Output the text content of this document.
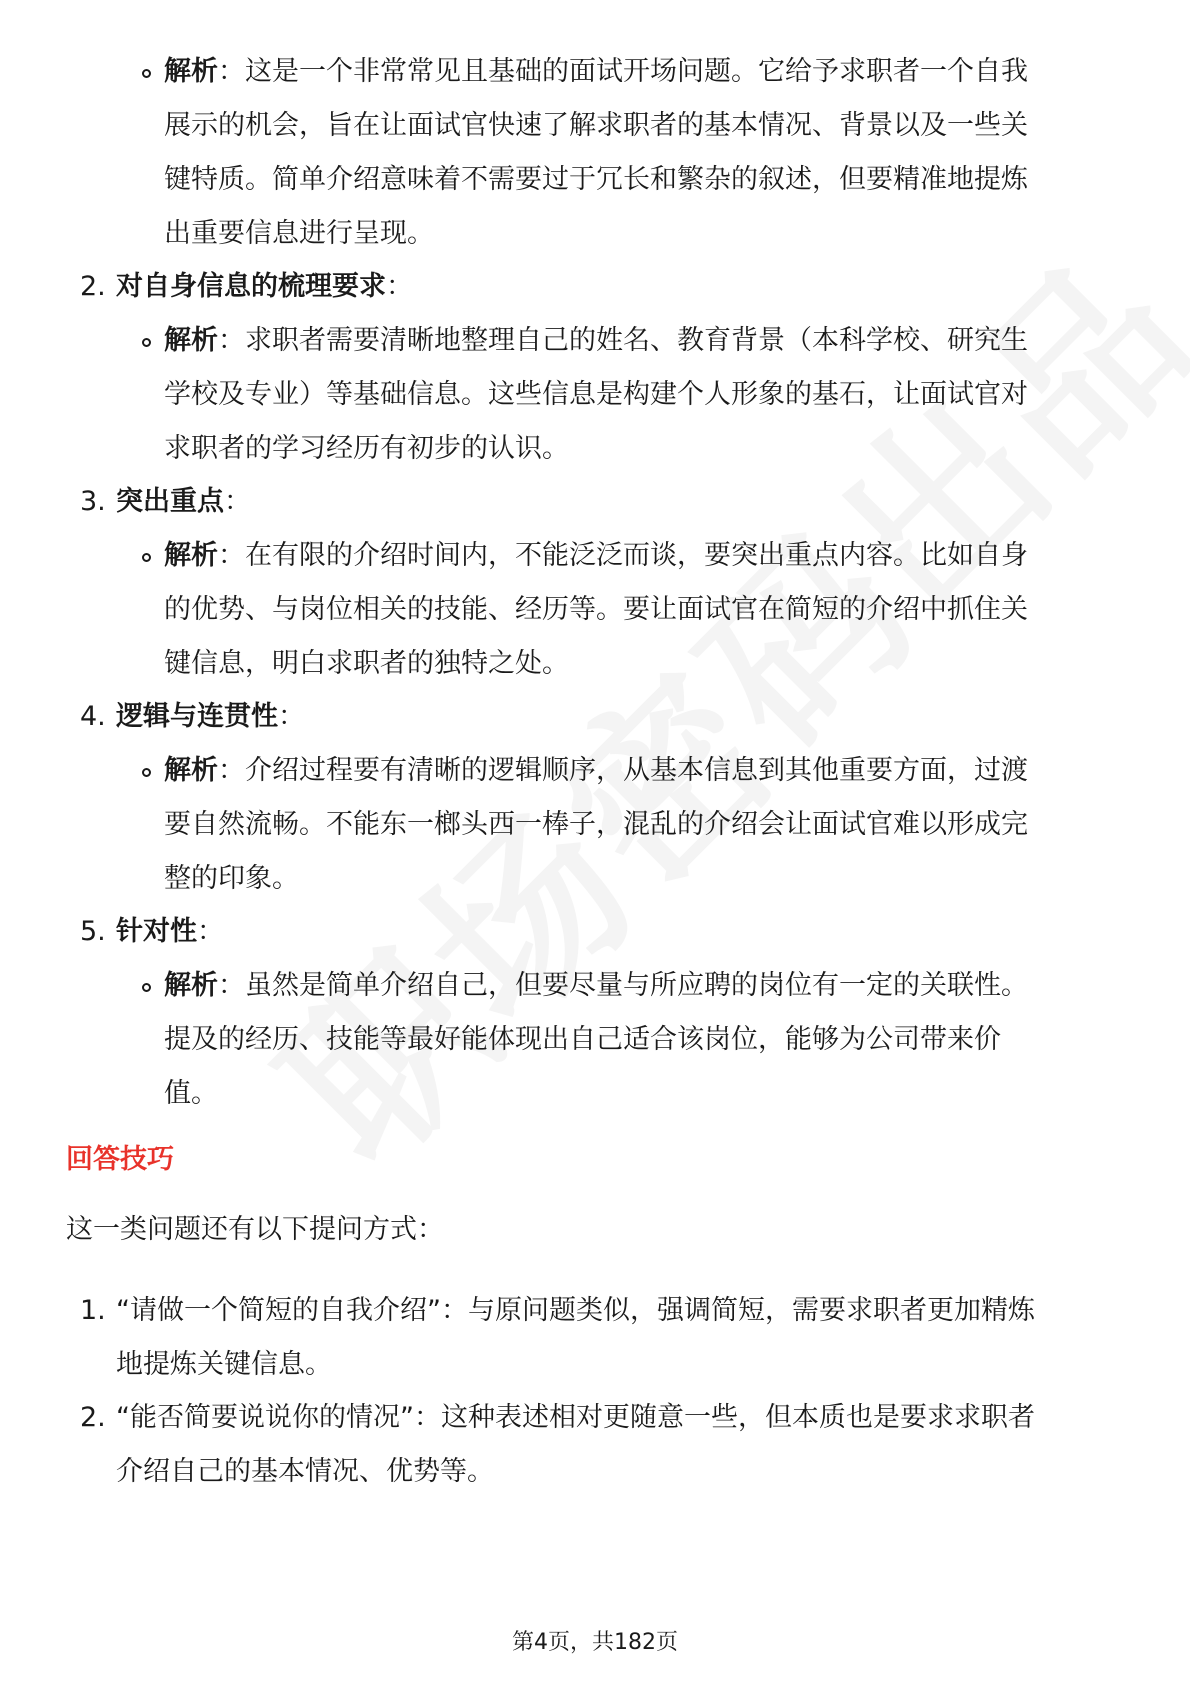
解析：这是一个非常常见且基础的面试开场问题。它给予求职者一个自我
展示的机会，旨在让面试官快速了解求职者的基本情况、背景以及一些关
键特质。简单介绍意味着不需要过于冗长和繁杂的叙述，但要精准地提炼
出重要信息进行呈现。
2. 对自身信息的梳理要求：
解析：求职者需要清晰地整理自己的姓名、教育背景（本科学校、研究生
学校及专业）等基础信息。这些信息是构建个人形象的基石，让面试官对
求职者的学习经历有初步的认识。
3. 突出重点：
解析：在有限的介绍时间内，不能泛泛而谈，要突出重点内容。比如自身
的优势、与岗位相关的技能、经历等。要让面试官在简短的介绍中抓住关
键信息，明白求职者的独特之处。
4. 逻辑与连贯性：
解析：介绍过程要有清晰的逻辑顺序，从基本信息到其他重要方面，过渡
要自然流畅。不能东一榔头西一棒子，混乱的介绍会让面试官难以形成完
整的印象。
5. 针对性：
解析：虽然是简单介绍自己，但要尽量与所应聘的岗位有一定的关联性。
提及的经历、技能等最好能体现出自己适合该岗位，能够为公司带来价
值。
回答技巧
这一类问题还有以下提问方式：
1. “请做一个简短的自我介绍”：与原问题类似，强调简短，需要求职者更加精炼
地提炼关键信息。
2. “能否简要说说你的情况”：这种表述相对更随意一些，但本质也是要求求职者
介绍自己的基本情况、优势等。
第4页，共182页
